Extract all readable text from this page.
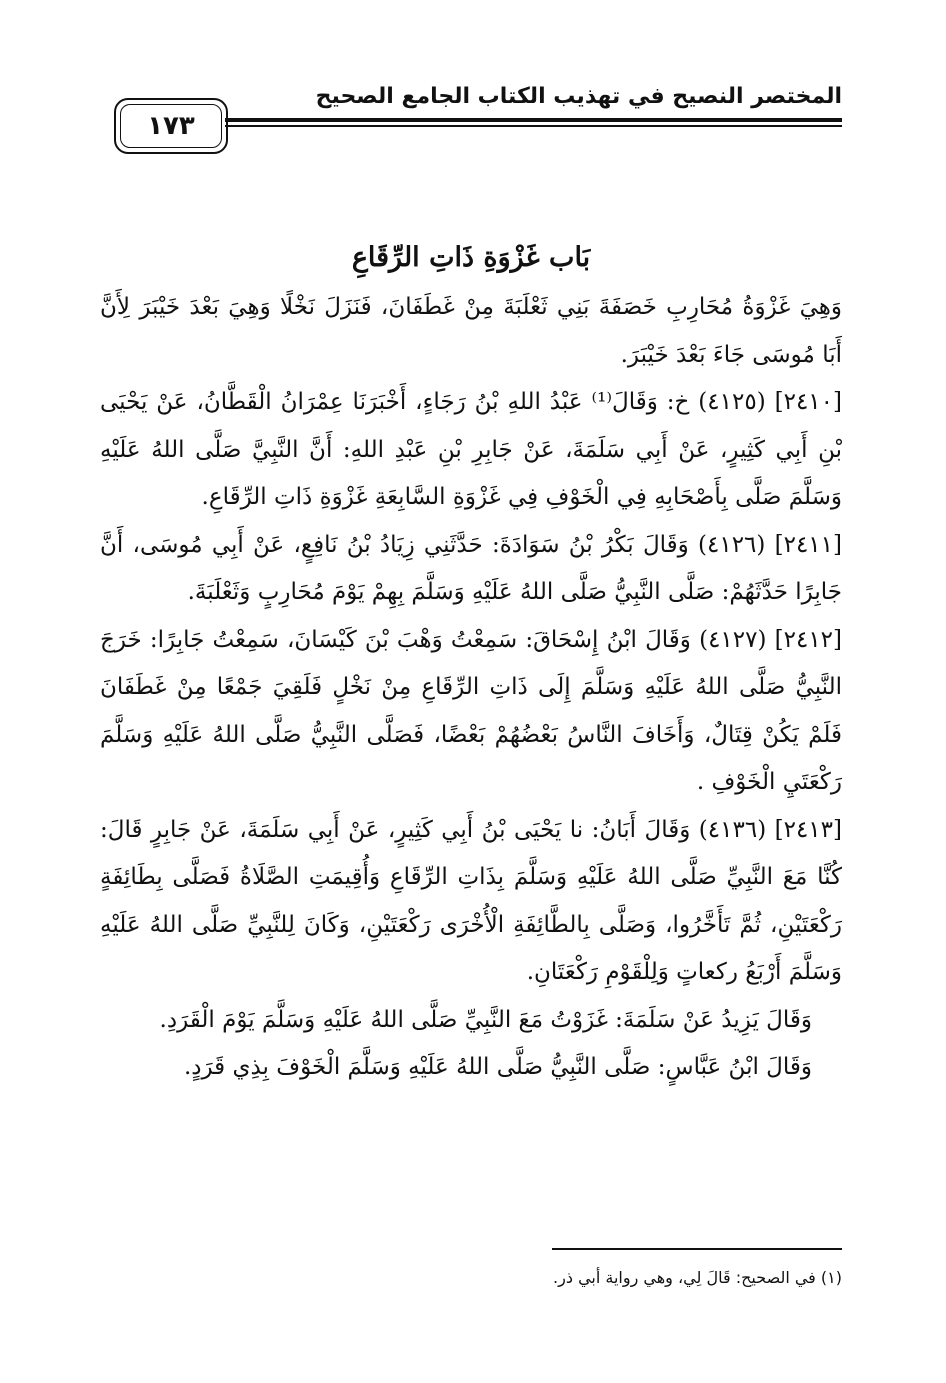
المختصر النصيح في تهذيب الكتاب الجامع الصحيح
١٧٣

بَاب غَزْوَةِ ذَاتِ الرِّقَاعِ

وَهِيَ غَزْوَةُ مُحَارِبِ خَصَفَةَ بَنِي ثَعْلَبَةَ مِنْ غَطَفَانَ، فَنَزَلَ نَخْلًا وَهِيَ بَعْدَ خَيْبَرَ لِأَنَّ أَبَا مُوسَى جَاءَ بَعْدَ خَيْبَرَ.

[٢٤١٠] (٤١٢٥) خ: وَقَالَ⁽¹⁾ عَبْدُ اللهِ بْنُ رَجَاءٍ، أَخْبَرَنَا عِمْرَانُ الْقَطَّانُ، عَنْ يَحْيَى بْنِ أَبِي كَثِيرٍ، عَنْ أَبِي سَلَمَةَ، عَنْ جَابِرِ بْنِ عَبْدِ اللهِ: أَنَّ النَّبِيَّ صَلَّى اللهُ عَلَيْهِ وَسَلَّمَ صَلَّى بِأَصْحَابِهِ فِي الْخَوْفِ فِي غَزْوَةِ السَّابِعَةِ غَزْوَةِ ذَاتِ الرِّقَاعِ.

[٢٤١١] (٤١٢٦) وَقَالَ بَكْرُ بْنُ سَوَادَةَ: حَدَّثَنِي زِيَادُ بْنُ نَافِعٍ، عَنْ أَبِي مُوسَى، أَنَّ جَابِرًا حَدَّثَهُمْ: صَلَّى النَّبِيُّ صَلَّى اللهُ عَلَيْهِ وَسَلَّمَ بِهِمْ يَوْمَ مُحَارِبٍ وَثَعْلَبَةَ.

[٢٤١٢] (٤١٢٧) وَقَالَ ابْنُ إِسْحَاقَ: سَمِعْتُ وَهْبَ بْنَ كَيْسَانَ، سَمِعْتُ جَابِرًا: خَرَجَ النَّبِيُّ صَلَّى اللهُ عَلَيْهِ وَسَلَّمَ إِلَى ذَاتِ الرِّقَاعِ مِنْ نَخْلٍ فَلَقِيَ جَمْعًا مِنْ غَطَفَانَ فَلَمْ يَكُنْ قِتَالٌ، وَأَخَافَ النَّاسُ بَعْضُهُمْ بَعْضًا، فَصَلَّى النَّبِيُّ صَلَّى اللهُ عَلَيْهِ وَسَلَّمَ رَكْعَتَيِ الْخَوْفِ .

[٢٤١٣] (٤١٣٦) وَقَالَ أَبَانُ: نا يَحْيَى بْنُ أَبِي كَثِيرٍ، عَنْ أَبِي سَلَمَةَ، عَنْ جَابِرٍ قَالَ: كُنَّا مَعَ النَّبِيِّ صَلَّى اللهُ عَلَيْهِ وَسَلَّمَ بِذَاتِ الرِّقَاعِ وَأُقِيمَتِ الصَّلَاةُ فَصَلَّى بِطَائِفَةٍ رَكْعَتَيْنِ، ثُمَّ تَأَخَّرُوا، وَصَلَّى بِالطَّائِفَةِ الْأُخْرَى رَكْعَتَيْنِ، وَكَانَ لِلنَّبِيِّ صَلَّى اللهُ عَلَيْهِ وَسَلَّمَ أَرْبَعُ ركعاتٍ وَلِلْقَوْمِ رَكْعَتَانِ.

وَقَالَ يَزِيدُ عَنْ سَلَمَةَ: غَزَوْتُ مَعَ النَّبِيِّ صَلَّى اللهُ عَلَيْهِ وَسَلَّمَ يَوْمَ الْقَرَدِ.

وَقَالَ ابْنُ عَبَّاسٍ: صَلَّى النَّبِيُّ صَلَّى اللهُ عَلَيْهِ وَسَلَّمَ الْخَوْفَ بِذِي قَرَدٍ.

(١) في الصحيح: قَالَ لِي، وهي رواية أبي ذر.
